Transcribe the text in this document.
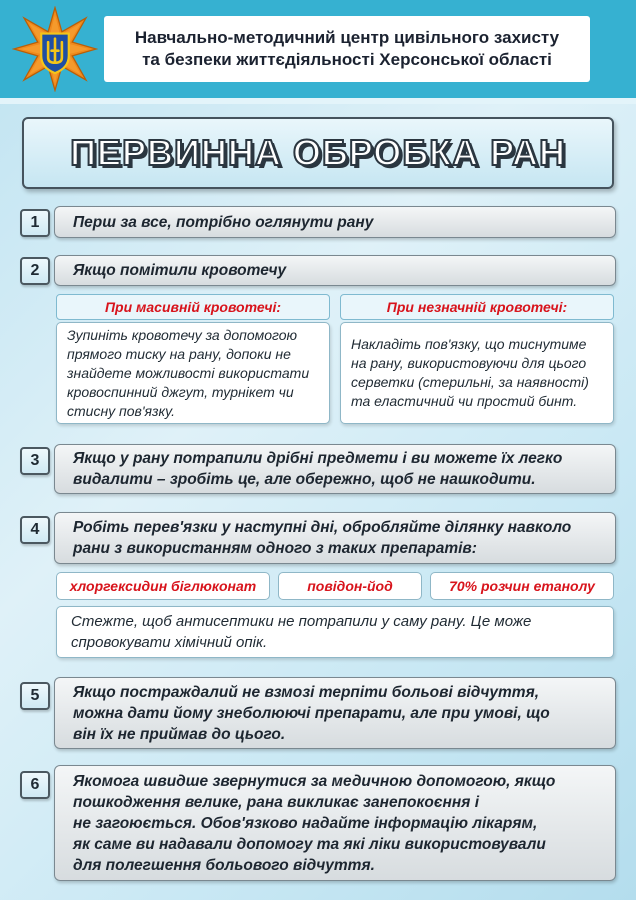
Навчально-методичний центр цивільного захисту
та безпеки життєдіяльності Херсонської області
ПЕРВИННА ОБРОБКА РАН
1	Перш за все, потрібно оглянути рану
2	Якщо помітили кровотечу
При масивній кровотечі:
Зупиніть кровотечу за допомогою
прямого тиску на рану, допоки не
знайдете можливості використати
кровоспинний джгут, турнікет чи
стисну пов'язку.
При незначній кровотечі:
Накладіть пов'язку, що тиснутиме
на рану, використовуючи для цього
серветки (стерильні, за наявності)
та еластичний чи простий бинт.
3	Якщо у рану потрапили дрібні предмети і ви можете їх легко
видалити – зробіть це, але обережно, щоб не нашкодити.
4	Робіть перев'язки у наступні дні, обробляйте ділянку навколо
рани з використанням одного з таких препаратів:
хлоргексидин біглюконат	повідон-йод	70% розчин етанолу
Стежте, щоб антисептики не потрапили у саму рану. Це може
спровокувати хімічний опік.
5	Якщо постраждалий не взмозі терпіти больові відчуття,
можна дати йому знеболюючі препарати, але при умові, що
він їх не приймав до цього.
6	Якомога швидше звернутися за медичною допомогою, якщо
пошкодження велике, рана викликає занепокоєння і
не загоюється. Обов'язково надайте інформацію лікарям,
як саме ви надавали допомогу та які ліки використовували
для полегшення больового відчуття.
